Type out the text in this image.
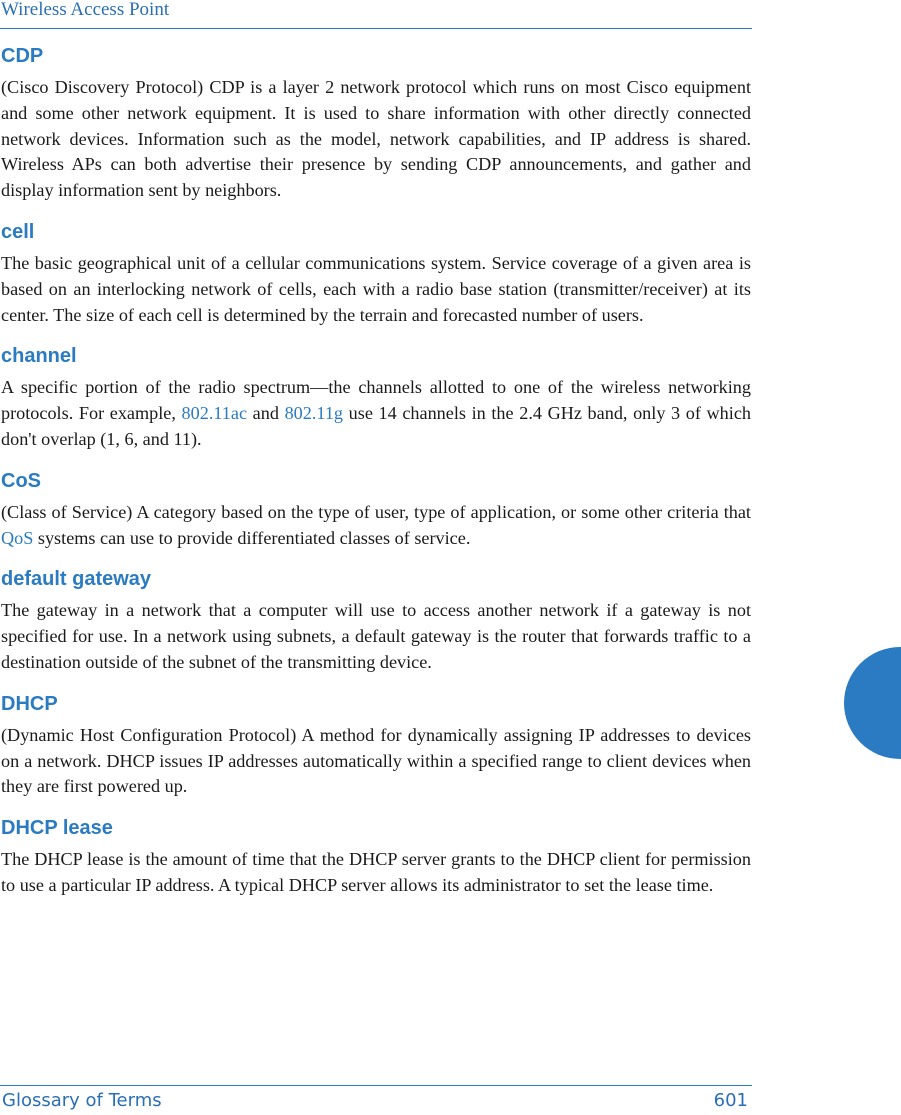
Wireless Access Point
CDP

(Cisco Discovery Protocol) CDP is a layer 2 network protocol which runs on most Cisco equipment and some other network equipment. It is used to share information with other directly connected network devices. Information such as the model, network capabilities, and IP address is shared. Wireless APs can both advertise their presence by sending CDP announcements, and gather and display information sent by neighbors.

cell

The basic geographical unit of a cellular communications system. Service coverage of a given area is based on an interlocking network of cells, each with a radio base station (transmitter/receiver) at its center. The size of each cell is determined by the terrain and forecasted number of users.

channel

A specific portion of the radio spectrum—the channels allotted to one of the wireless networking protocols. For example, 802.11ac and 802.11g use 14 channels in the 2.4 GHz band, only 3 of which don't overlap (1, 6, and 11).

CoS

(Class of Service) A category based on the type of user, type of application, or some other criteria that QoS systems can use to provide differentiated classes of service.

default gateway

The gateway in a network that a computer will use to access another network if a gateway is not specified for use. In a network using subnets, a default gateway is the router that forwards traffic to a destination outside of the subnet of the transmitting device.

DHCP

(Dynamic Host Configuration Protocol) A method for dynamically assigning IP addresses to devices on a network. DHCP issues IP addresses automatically within a specified range to client devices when they are first powered up.

DHCP lease

The DHCP lease is the amount of time that the DHCP server grants to the DHCP client for permission to use a particular IP address. A typical DHCP server allows its administrator to set the lease time.

Glossary of Terms	601
